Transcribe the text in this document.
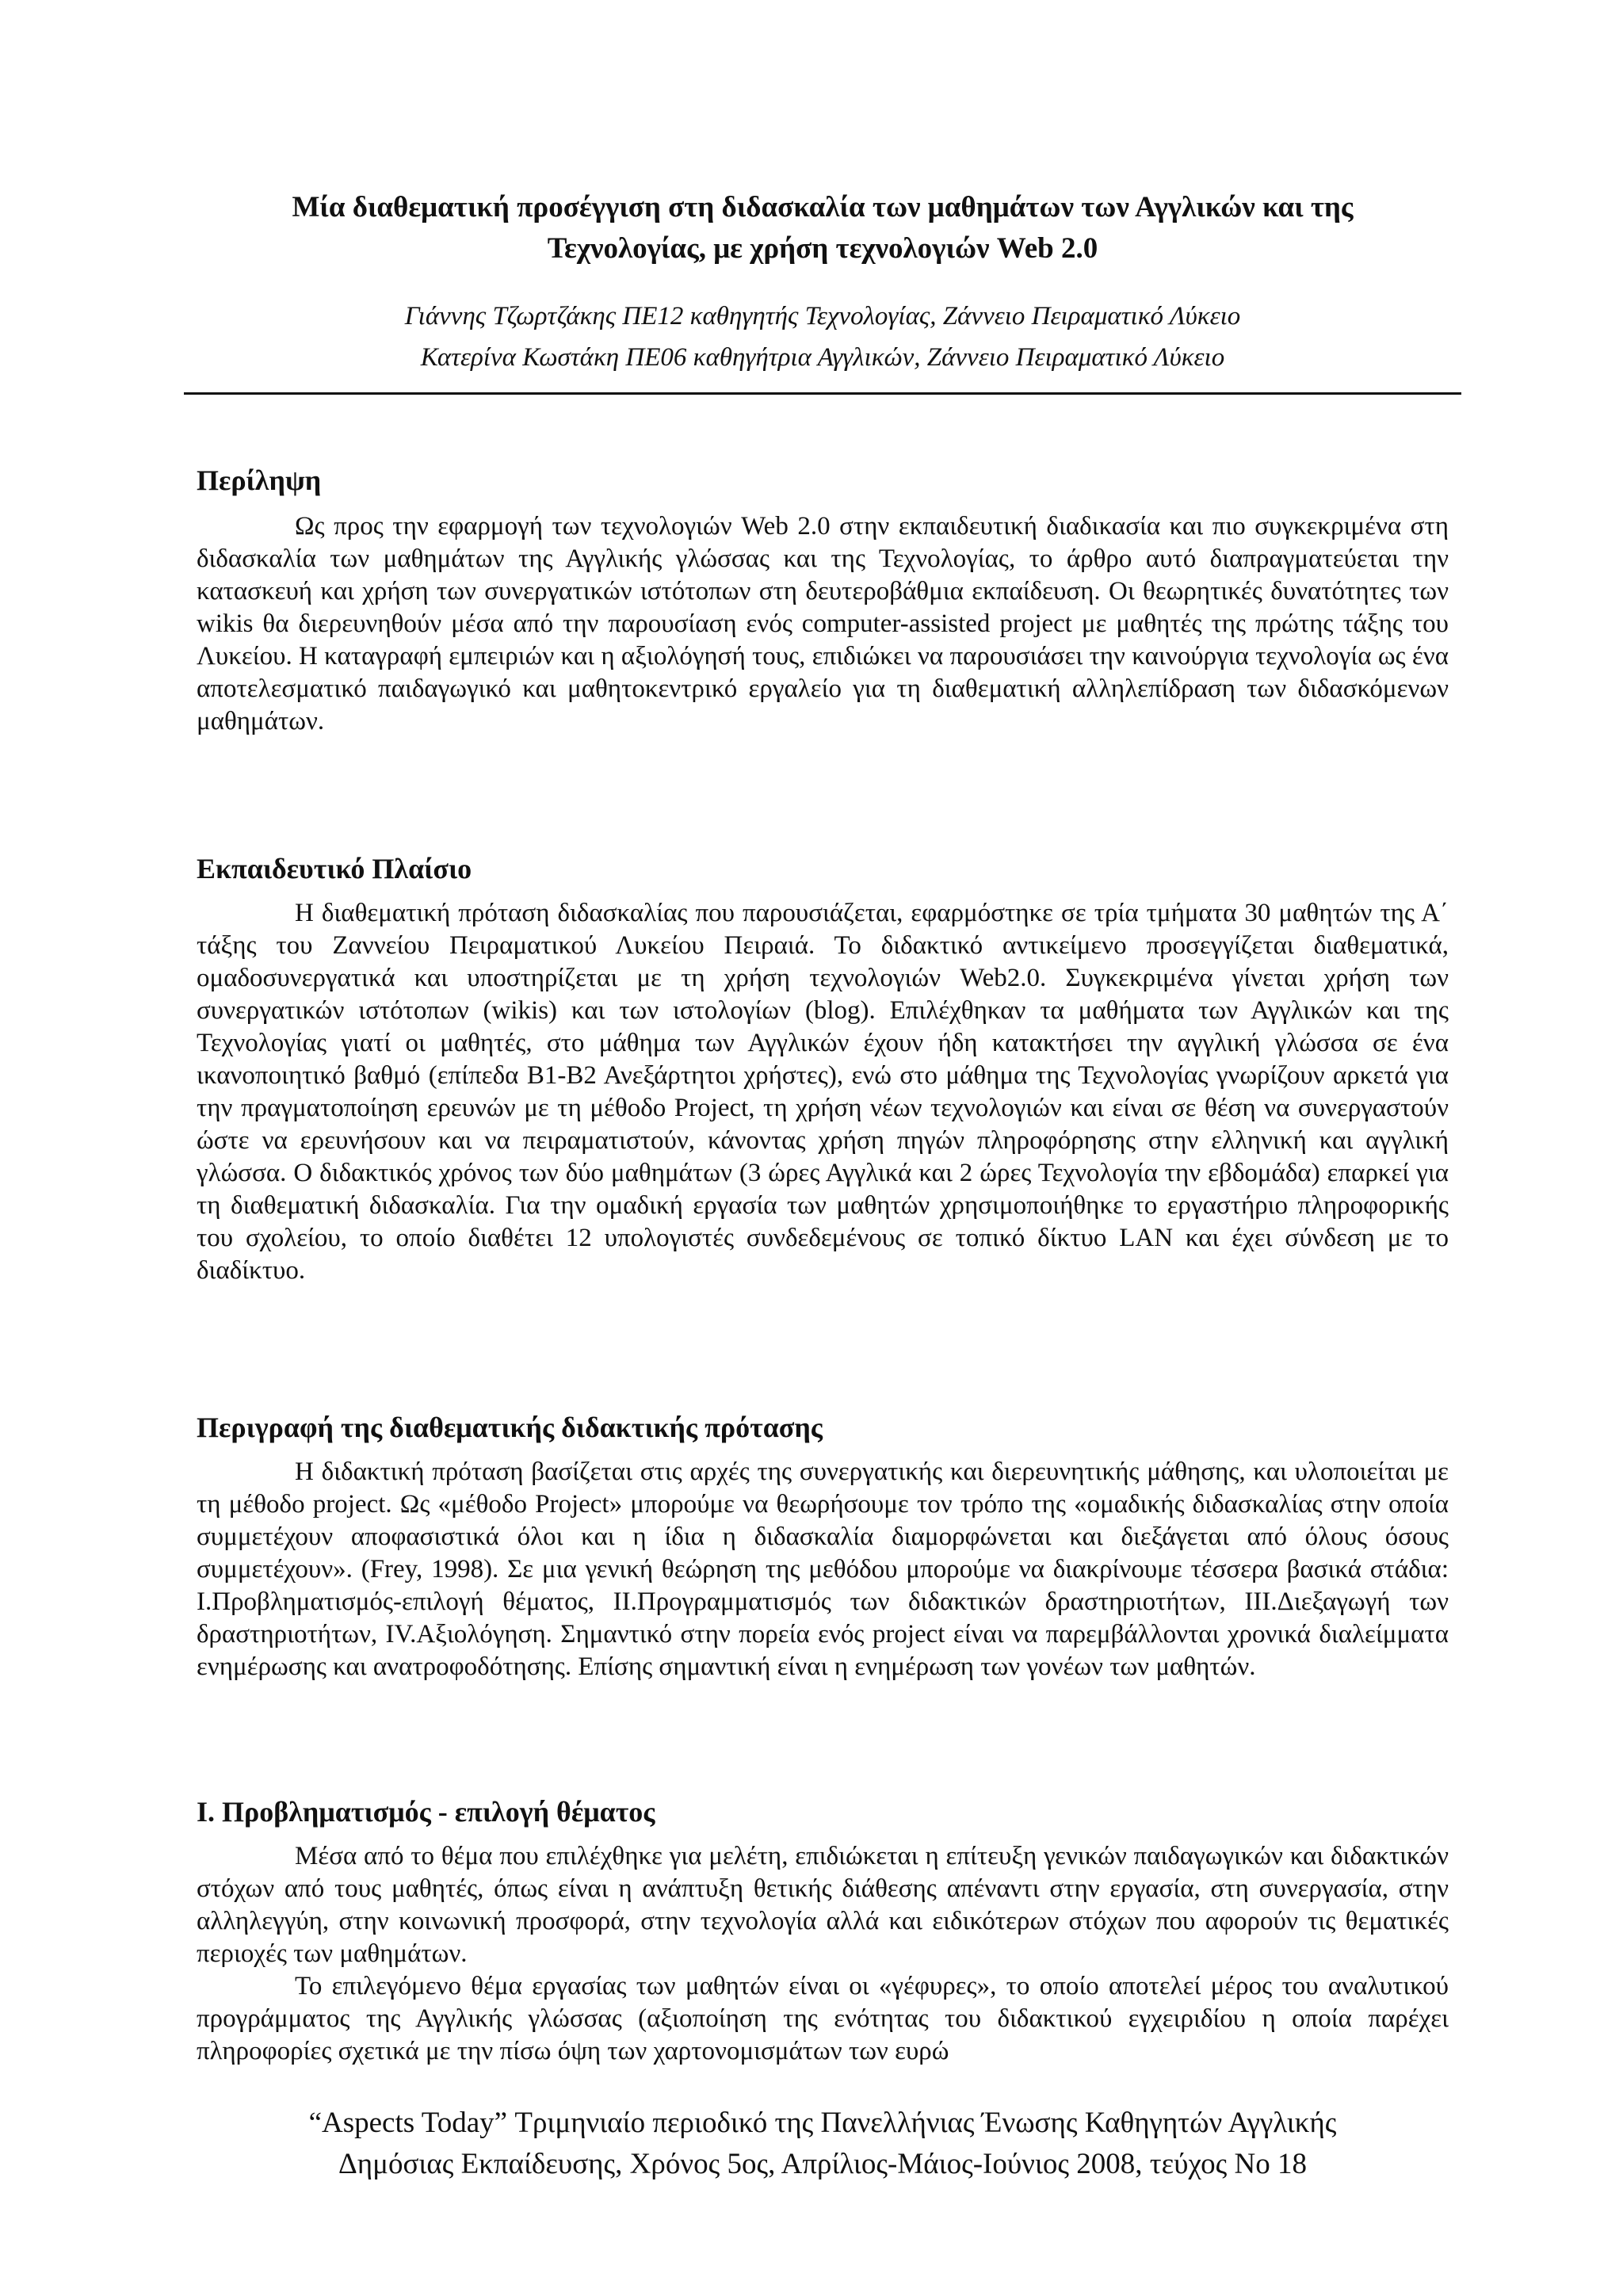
Μία διαθεματική προσέγγιση στη διδασκαλία των μαθημάτων των Αγγλικών και της
Τεχνολογίας, με χρήση τεχνολογιών Web 2.0
Γιάννης Τζωρτζάκης ΠΕ12 καθηγητής Τεχνολογίας, Ζάννειο Πειραματικό Λύκειο
Κατερίνα Κωστάκη ΠΕ06 καθηγήτρια Αγγλικών, Ζάννειο Πειραματικό Λύκειο
Περίληψη

Ως προς την εφαρμογή των τεχνολογιών Web 2.0 στην εκπαιδευτική διαδικασία και πιο συγκεκριμένα στη διδασκαλία των μαθημάτων της Αγγλικής γλώσσας και της Τεχνολογίας, το άρθρο αυτό διαπραγματεύεται την κατασκευή και χρήση των συνεργατικών ιστότοπων στη δευτεροβάθμια εκπαίδευση. Οι θεωρητικές δυνατότητες των wikis θα διερευνηθούν μέσα από την παρουσίαση ενός computer-assisted project με μαθητές της πρώτης τάξης του Λυκείου. Η καταγραφή εμπειριών και η αξιολόγησή τους, επιδιώκει να παρουσιάσει την καινούργια τεχνολογία ως ένα αποτελεσματικό παιδαγωγικό και μαθητοκεντρικό εργαλείο για τη διαθεματική αλληλεπίδραση των διδασκόμενων μαθημάτων.

Εκπαιδευτικό Πλαίσιο

Η διαθεματική πρόταση διδασκαλίας που παρουσιάζεται, εφαρμόστηκε σε τρία τμήματα 30 μαθητών της Α΄ τάξης του Ζαννείου Πειραματικού Λυκείου Πειραιά. Το διδακτικό αντικείμενο προσεγγίζεται διαθεματικά, ομαδοσυνεργατικά και υποστηρίζεται με τη χρήση τεχνολογιών Web2.0. Συγκεκριμένα γίνεται χρήση των συνεργατικών ιστότοπων (wikis) και των ιστολογίων (blog). Επιλέχθηκαν τα μαθήματα των Αγγλικών και της Τεχνολογίας γιατί οι μαθητές, στο μάθημα των Αγγλικών έχουν ήδη κατακτήσει την αγγλική γλώσσα σε ένα ικανοποιητικό βαθμό (επίπεδα Β1-Β2 Ανεξάρτητοι χρήστες), ενώ στο μάθημα της Τεχνολογίας γνωρίζουν αρκετά για την πραγματοποίηση ερευνών με τη μέθοδο Project, τη χρήση νέων τεχνολογιών και είναι σε θέση να συνεργαστούν ώστε να ερευνήσουν και να πειραματιστούν, κάνοντας χρήση πηγών πληροφόρησης στην ελληνική και αγγλική γλώσσα. Ο διδακτικός χρόνος των δύο μαθημάτων (3 ώρες Αγγλικά και 2 ώρες Τεχνολογία την εβδομάδα) επαρκεί για τη διαθεματική διδασκαλία. Για την ομαδική εργασία των μαθητών χρησιμοποιήθηκε το εργαστήριο πληροφορικής του σχολείου, το οποίο διαθέτει 12 υπολογιστές συνδεδεμένους σε τοπικό δίκτυο LAN και έχει σύνδεση με το διαδίκτυο.

Περιγραφή της διαθεματικής διδακτικής πρότασης

Η διδακτική πρόταση βασίζεται στις αρχές της συνεργατικής και διερευνητικής μάθησης, και υλοποιείται με τη μέθοδο project. Ως «μέθοδο Project» μπορούμε να θεωρήσουμε τον τρόπο της «ομαδικής διδασκαλίας στην οποία συμμετέχουν αποφασιστικά όλοι και η ίδια η διδασκαλία διαμορφώνεται και διεξάγεται από όλους όσους συμμετέχουν». (Frey, 1998). Σε μια γενική θεώρηση της μεθόδου μπορούμε να διακρίνουμε τέσσερα βασικά στάδια: Ι.Προβληματισμός-επιλογή θέματος, ΙΙ.Προγραμματισμός των διδακτικών δραστηριοτήτων, ΙΙΙ.Διεξαγωγή των δραστηριοτήτων, IV.Αξιολόγηση. Σημαντικό στην πορεία ενός project είναι να παρεμβάλλονται χρονικά διαλείμματα ενημέρωσης και ανατροφοδότησης. Επίσης σημαντική είναι η ενημέρωση των γονέων των μαθητών.

Ι. Προβληματισμός - επιλογή θέματος

Μέσα από το θέμα που επιλέχθηκε για μελέτη, επιδιώκεται η επίτευξη γενικών παιδαγωγικών και διδακτικών στόχων από τους μαθητές, όπως είναι η ανάπτυξη θετικής διάθεσης απέναντι στην εργασία, στη συνεργασία, στην αλληλεγγύη, στην κοινωνική προσφορά, στην τεχνολογία αλλά και ειδικότερων στόχων που αφορούν τις θεματικές περιοχές των μαθημάτων.

Το επιλεγόμενο θέμα εργασίας των μαθητών είναι οι «γέφυρες», το οποίο αποτελεί μέρος του αναλυτικού προγράμματος της Αγγλικής γλώσσας (αξιοποίηση της ενότητας του διδακτικού εγχειριδίου η οποία παρέχει πληροφορίες σχετικά με την πίσω όψη των χαρτονομισμάτων των ευρώ

“Aspects Today” Τριμηνιαίο περιοδικό της Πανελλήνιας Ένωσης Καθηγητών Αγγλικής
Δημόσιας Εκπαίδευσης, Χρόνος 5ος, Απρίλιος-Μάιος-Ιούνιος 2008, τεύχος Νο 18
